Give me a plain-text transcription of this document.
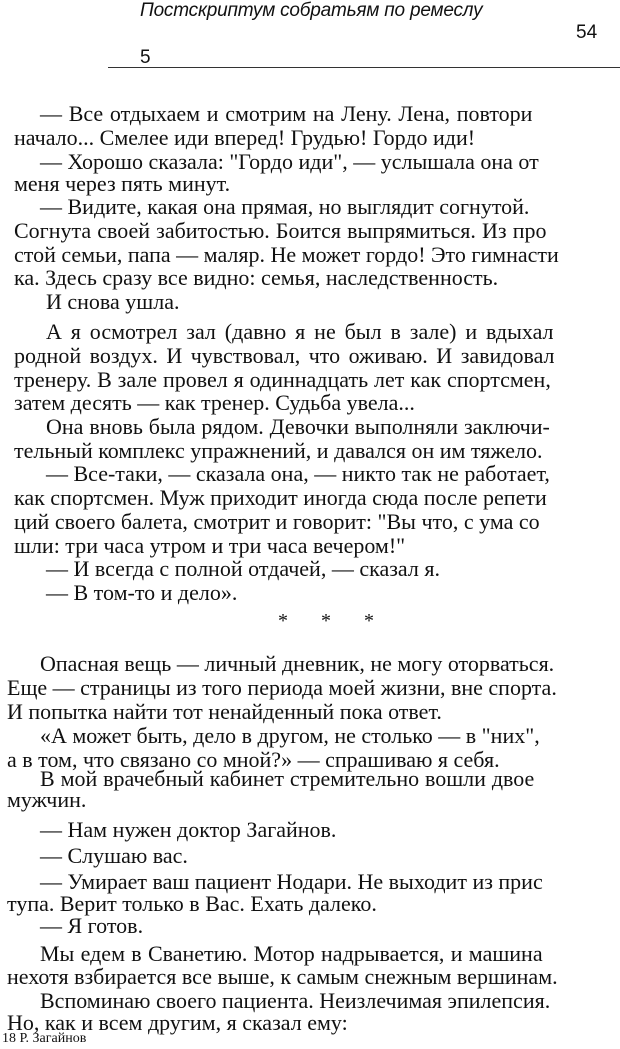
Постскриптум собратьям по ремеслу
54
5
— Все отдыхаем и смотрим на Лену. Лена, повтори
начало... Смелее иди вперед! Грудью! Гордо иди!
— Хорошо сказала: "Гордо иди", — услышала она от
меня через пять минут.
— Видите, какая она прямая, но выглядит согнутой.
Согнута своей забитостью. Боится выпрямиться. Из про
стой семьи, папа — маляр. Не может гордо! Это гимнасти
ка. Здесь сразу все видно: семья, наследственность.
И снова ушла.
А я осмотрел зал (давно я не был в зале) и вдыхал
родной воздух. И чувствовал, что оживаю. И завидовал
тренеру. В зале провел я одиннадцать лет как спортсмен,
затем десять — как тренер. Судьба увела...
Она вновь была рядом. Девочки выполняли заключи-
тельный комплекс упражнений, и давался он им тяжело.
— Все-таки, — сказала она, — никто так не работает,
как спортсмен. Муж приходит иногда сюда после репети
ций своего балета, смотрит и говорит: "Вы что, с ума со
шли: три часа утром и три часа вечером!"
— И всегда с полной отдачей, — сказал я.
— В том-то и дело».
Опасная вещь — личный дневник, не могу оторваться.
Еще — страницы из того периода моей жизни, вне спорта.
И попытка найти тот ненайденный пока ответ.
«А может быть, дело в другом, не столько — в "них",
а в том, что связано со мной?» — спрашиваю я себя.
В мой врачебный кабинет стремительно вошли двое
мужчин.
— Нам нужен доктор Загайнов.
— Слушаю вас.
— Умирает ваш пациент Нодари. Не выходит из прис
тупа. Верит только в Вас. Ехать далеко.
— Я готов.
Мы едем в Сванетию. Мотор надрывается, и машина
нехотя взбирается все выше, к самым снежным вершинам.
Вспоминаю своего пациента. Неизлечимая эпилепсия.
Но, как и всем другим, я сказал ему:
* * *
18 Р. Загайнов
